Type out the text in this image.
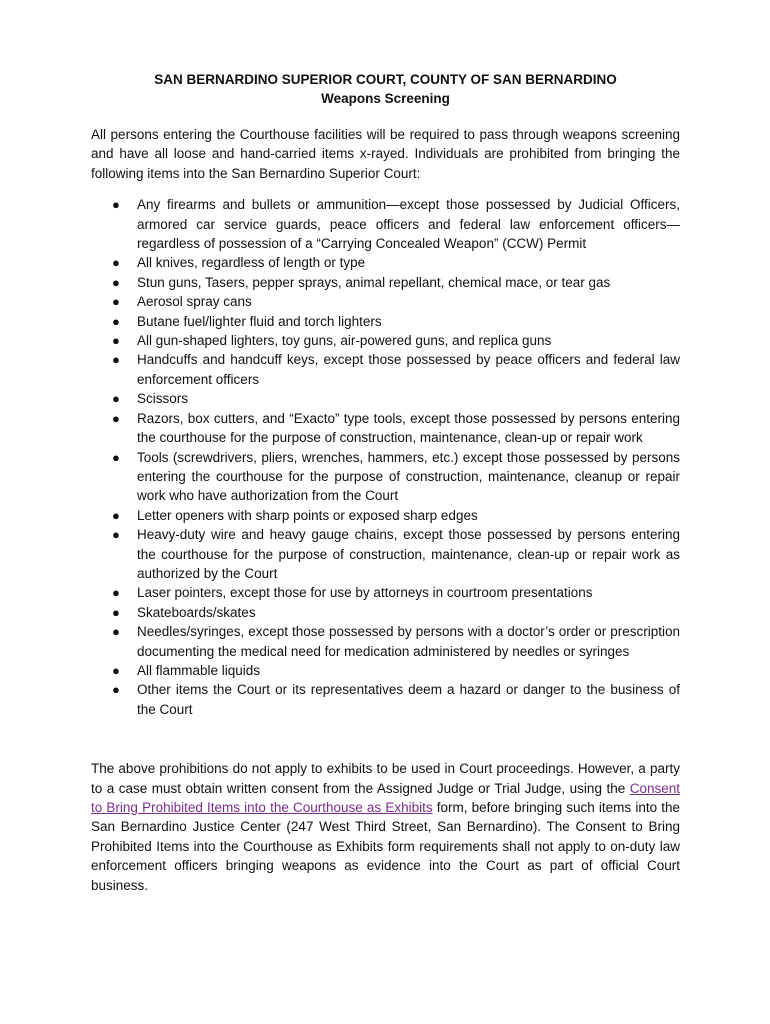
SAN BERNARDINO SUPERIOR COURT, COUNTY OF SAN BERNARDINO

Weapons Screening

All persons entering the Courthouse facilities will be required to pass through weapons screening and have all loose and hand-carried items x-rayed. Individuals are prohibited from bringing the following items into the San Bernardino Superior Court:

● Any firearms and bullets or ammunition—except those possessed by Judicial Officers, armored car service guards, peace officers and federal law enforcement officers—regardless of possession of a “Carrying Concealed Weapon” (CCW) Permit
● All knives, regardless of length or type
● Stun guns, Tasers, pepper sprays, animal repellant, chemical mace, or tear gas
● Aerosol spray cans
● Butane fuel/lighter fluid and torch lighters
● All gun-shaped lighters, toy guns, air-powered guns, and replica guns
● Handcuffs and handcuff keys, except those possessed by peace officers and federal law enforcement officers
● Scissors
● Razors, box cutters, and “Exacto” type tools, except those possessed by persons entering the courthouse for the purpose of construction, maintenance, clean-up or repair work
● Tools (screwdrivers, pliers, wrenches, hammers, etc.) except those possessed by persons entering the courthouse for the purpose of construction, maintenance, cleanup or repair work who have authorization from the Court
● Letter openers with sharp points or exposed sharp edges
● Heavy-duty wire and heavy gauge chains, except those possessed by persons entering the courthouse for the purpose of construction, maintenance, clean-up or repair work as authorized by the Court
● Laser pointers, except those for use by attorneys in courtroom presentations
● Skateboards/skates
● Needles/syringes, except those possessed by persons with a doctor’s order or prescription documenting the medical need for medication administered by needles or syringes
● All flammable liquids
● Other items the Court or its representatives deem a hazard or danger to the business of the Court

The above prohibitions do not apply to exhibits to be used in Court proceedings. However, a party to a case must obtain written consent from the Assigned Judge or Trial Judge, using the Consent to Bring Prohibited Items into the Courthouse as Exhibits form, before bringing such items into the San Bernardino Justice Center (247 West Third Street, San Bernardino). The Consent to Bring Prohibited Items into the Courthouse as Exhibits form requirements shall not apply to on-duty law enforcement officers bringing weapons as evidence into the Court as part of official Court business.
